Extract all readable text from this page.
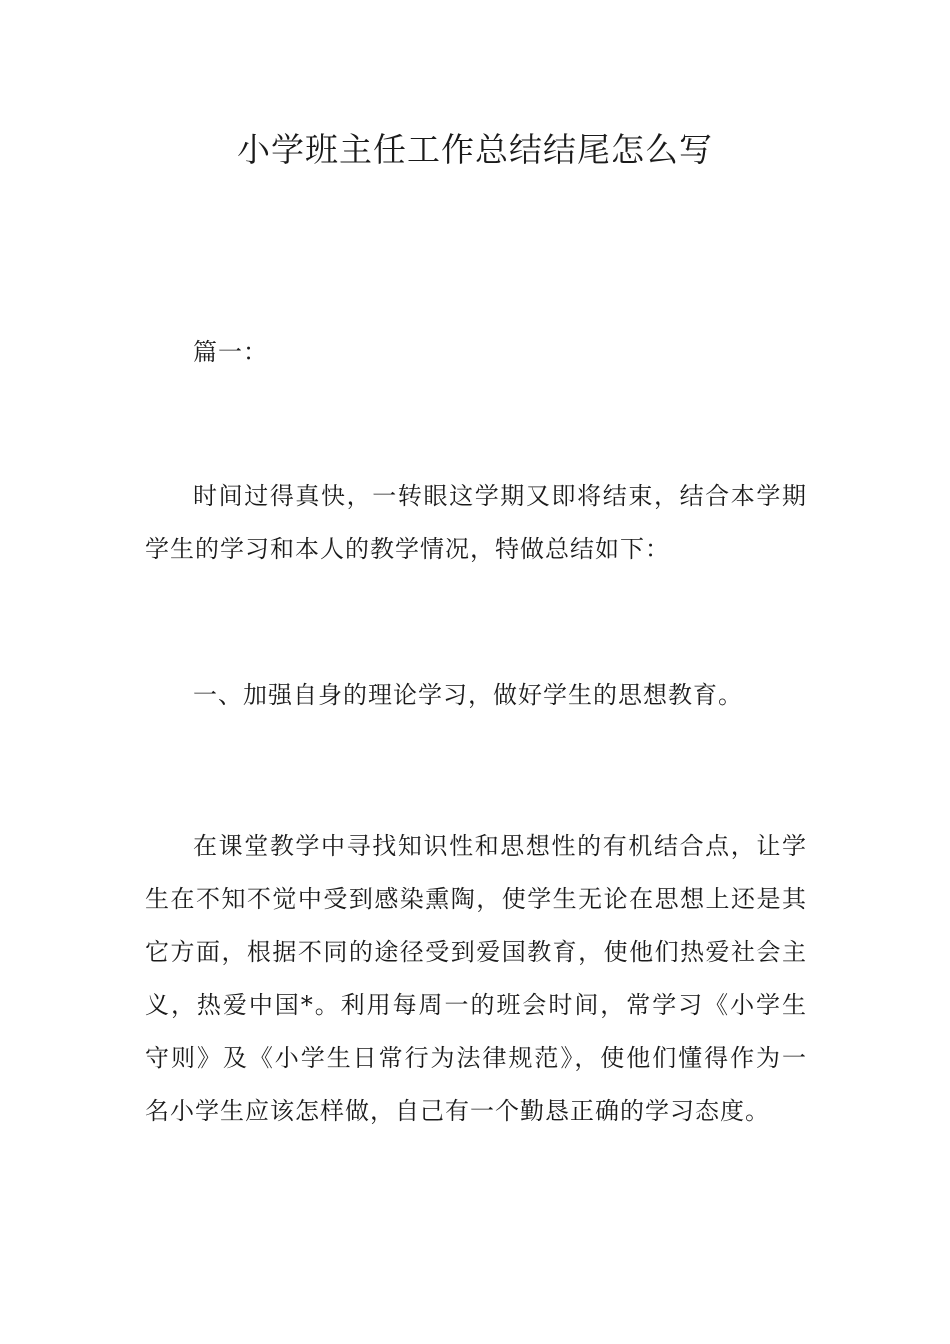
小学班主任工作总结结尾怎么写

篇一：

时间过得真快，一转眼这学期又即将结束，结合本学期学生的学习和本人的教学情况，特做总结如下：

一、加强自身的理论学习，做好学生的思想教育。

在课堂教学中寻找知识性和思想性的有机结合点，让学生在不知不觉中受到感染熏陶，使学生无论在思想上还是其它方面，根据不同的途径受到爱国教育，使他们热爱社会主义，热爱中国*。利用每周一的班会时间，常学习《小学生守则》及《小学生日常行为法律规范》，使他们懂得作为一名小学生应该怎样做，自己有一个勤恳正确的学习态度。
